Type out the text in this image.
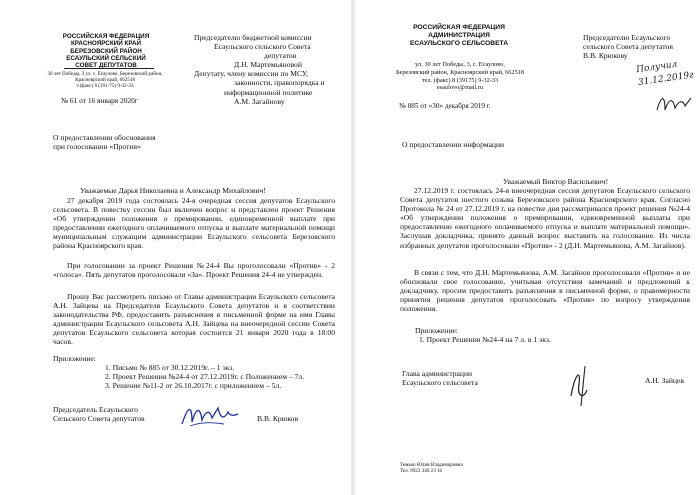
РОССИЙСКАЯ ФЕДЕРАЦИЯ
КРАСНОЯРСКИЙ КРАЙ
БЕРЕЗОВСКИЙ РАЙОН
ЕСАУЛЬСКИЙ СЕЛЬСКИЙ
СОВЕТ ДЕПУТАТОВ
30 лет Победы, 3 ул. с. Есаулово, Березовский район,
Красноярский край, 662518
т.(факс) 8 (391-75) 9-32-33
№ 61 от 16 января 2020г
Председателю бюджетной комиссии
Есаульского сельского Совета
депутатов
Д.Н. Мартемьяновой
Депутату, члену комиссии по МСУ,
законности, правопорядка и
информационной политике
А.М. Загайнову
О предоставлении обоснования
при голосовании «Против»
Уважаемые Дарья Николаевна и Александр Михайлович!

27 декабря 2019 года состоялась 24-я очередная сессия депутатов Есаульского сельсовета. В повестку сессии был включен вопрос и представлен проект Решения «Об утверждении положения о премировании, единовременной выплате при предоставлении ежегодного оплачиваемого отпуска и выплате материальной помощи муниципальным служащим администрации Есаульского сельсовета Березовского района Красноярского края.

При голосовании за проект Решения №24-4 Вы проголосовали «Против» - 2 «голоса». Пять депутатов проголосовали «За». Проект Решения 24-4 не утвержден.

Прошу Вас рассмотреть письмо от Главы администрации Есаульского сельсовета А.Н. Зайцева на Председателя Есаульского Совета депутатов и в соответствии законодательства РФ, предоставить разъяснения в письменной форме на имя Главы администрации Есаульского сельсовета А.Н. Зайцева на внеочередной сессии Совета депутатов Есаульского сельсовета которая состоится 21 января 2020 года в 18:00 часов.

Приложение:
1. Письмо № 885 от 30.12.2019г. – 1 экз.
2. Проект Решения №24-4 от 27.12.2019г. с Положением – 7л.
3. Решение №11-2 от 26.10.2017г. с приложением – 5л.
Председатель Есаульского
Сельского Совета депутатов	В.В. Крюков
РОССИЙСКАЯ ФЕДЕРАЦИЯ
АДМИНИСТРАЦИЯ
ЕСАУЛЬСКОГО СЕЛЬСОВЕТА
ул. 30 лет Победы, 3, с. Есаулово,
Березовский район, Красноярский край, 662518
тел. (факс) 8 (39175) 9-32-33
esaulovo@mail.ru
№ 885 от «30» декабря 2019 г.
Председателю Есаульского
сельского Совета депутатов
В.В. Крюкову
Получил
31.12.2019г
О предоставлении информации
Уважаемый Виктор Васильевич!

27.12.2019 г. состоялась 24-я внеочередная сессия депутатов Есаульского сельского Совета депутатов шестого созыва Березовского района Красноярского края. Согласно Протокола № 24 от 27.12.2019 г. на повестке дня рассматривался проект решения №24-4 «Об утверждении положения о премировании, единовременной выплаты при предоставлении ежегодного оплачиваемого отпуска и выплате материальной помощи». Заслушав докладчика, принято данный вопрос выставить на голосование. Из числа избранных депутатов проголосовали «Против» - 2 (Д.Н. Мартемьянова, А.М. Загайнов).

В связи с тем, что Д.Н. Мартемьянова, А.М. Загайнов проголосовали «Против» и не обосновали свое голосование, учитывая отсутствия замечаний и предложений к докладчику, просим предоставить разъяснения в письменной форме, о правомерности принятия решения депутатов проголосовать «Против» по вопросу утверждения положения.

Приложение:
1. Проект Решения №24-4 на 7 л. в 1 экз.
Глава администрации
Есаульского сельсовета	А.Н. Зайцев
Темько Юлия Владимировна
Тел. 8923 340 23 16
